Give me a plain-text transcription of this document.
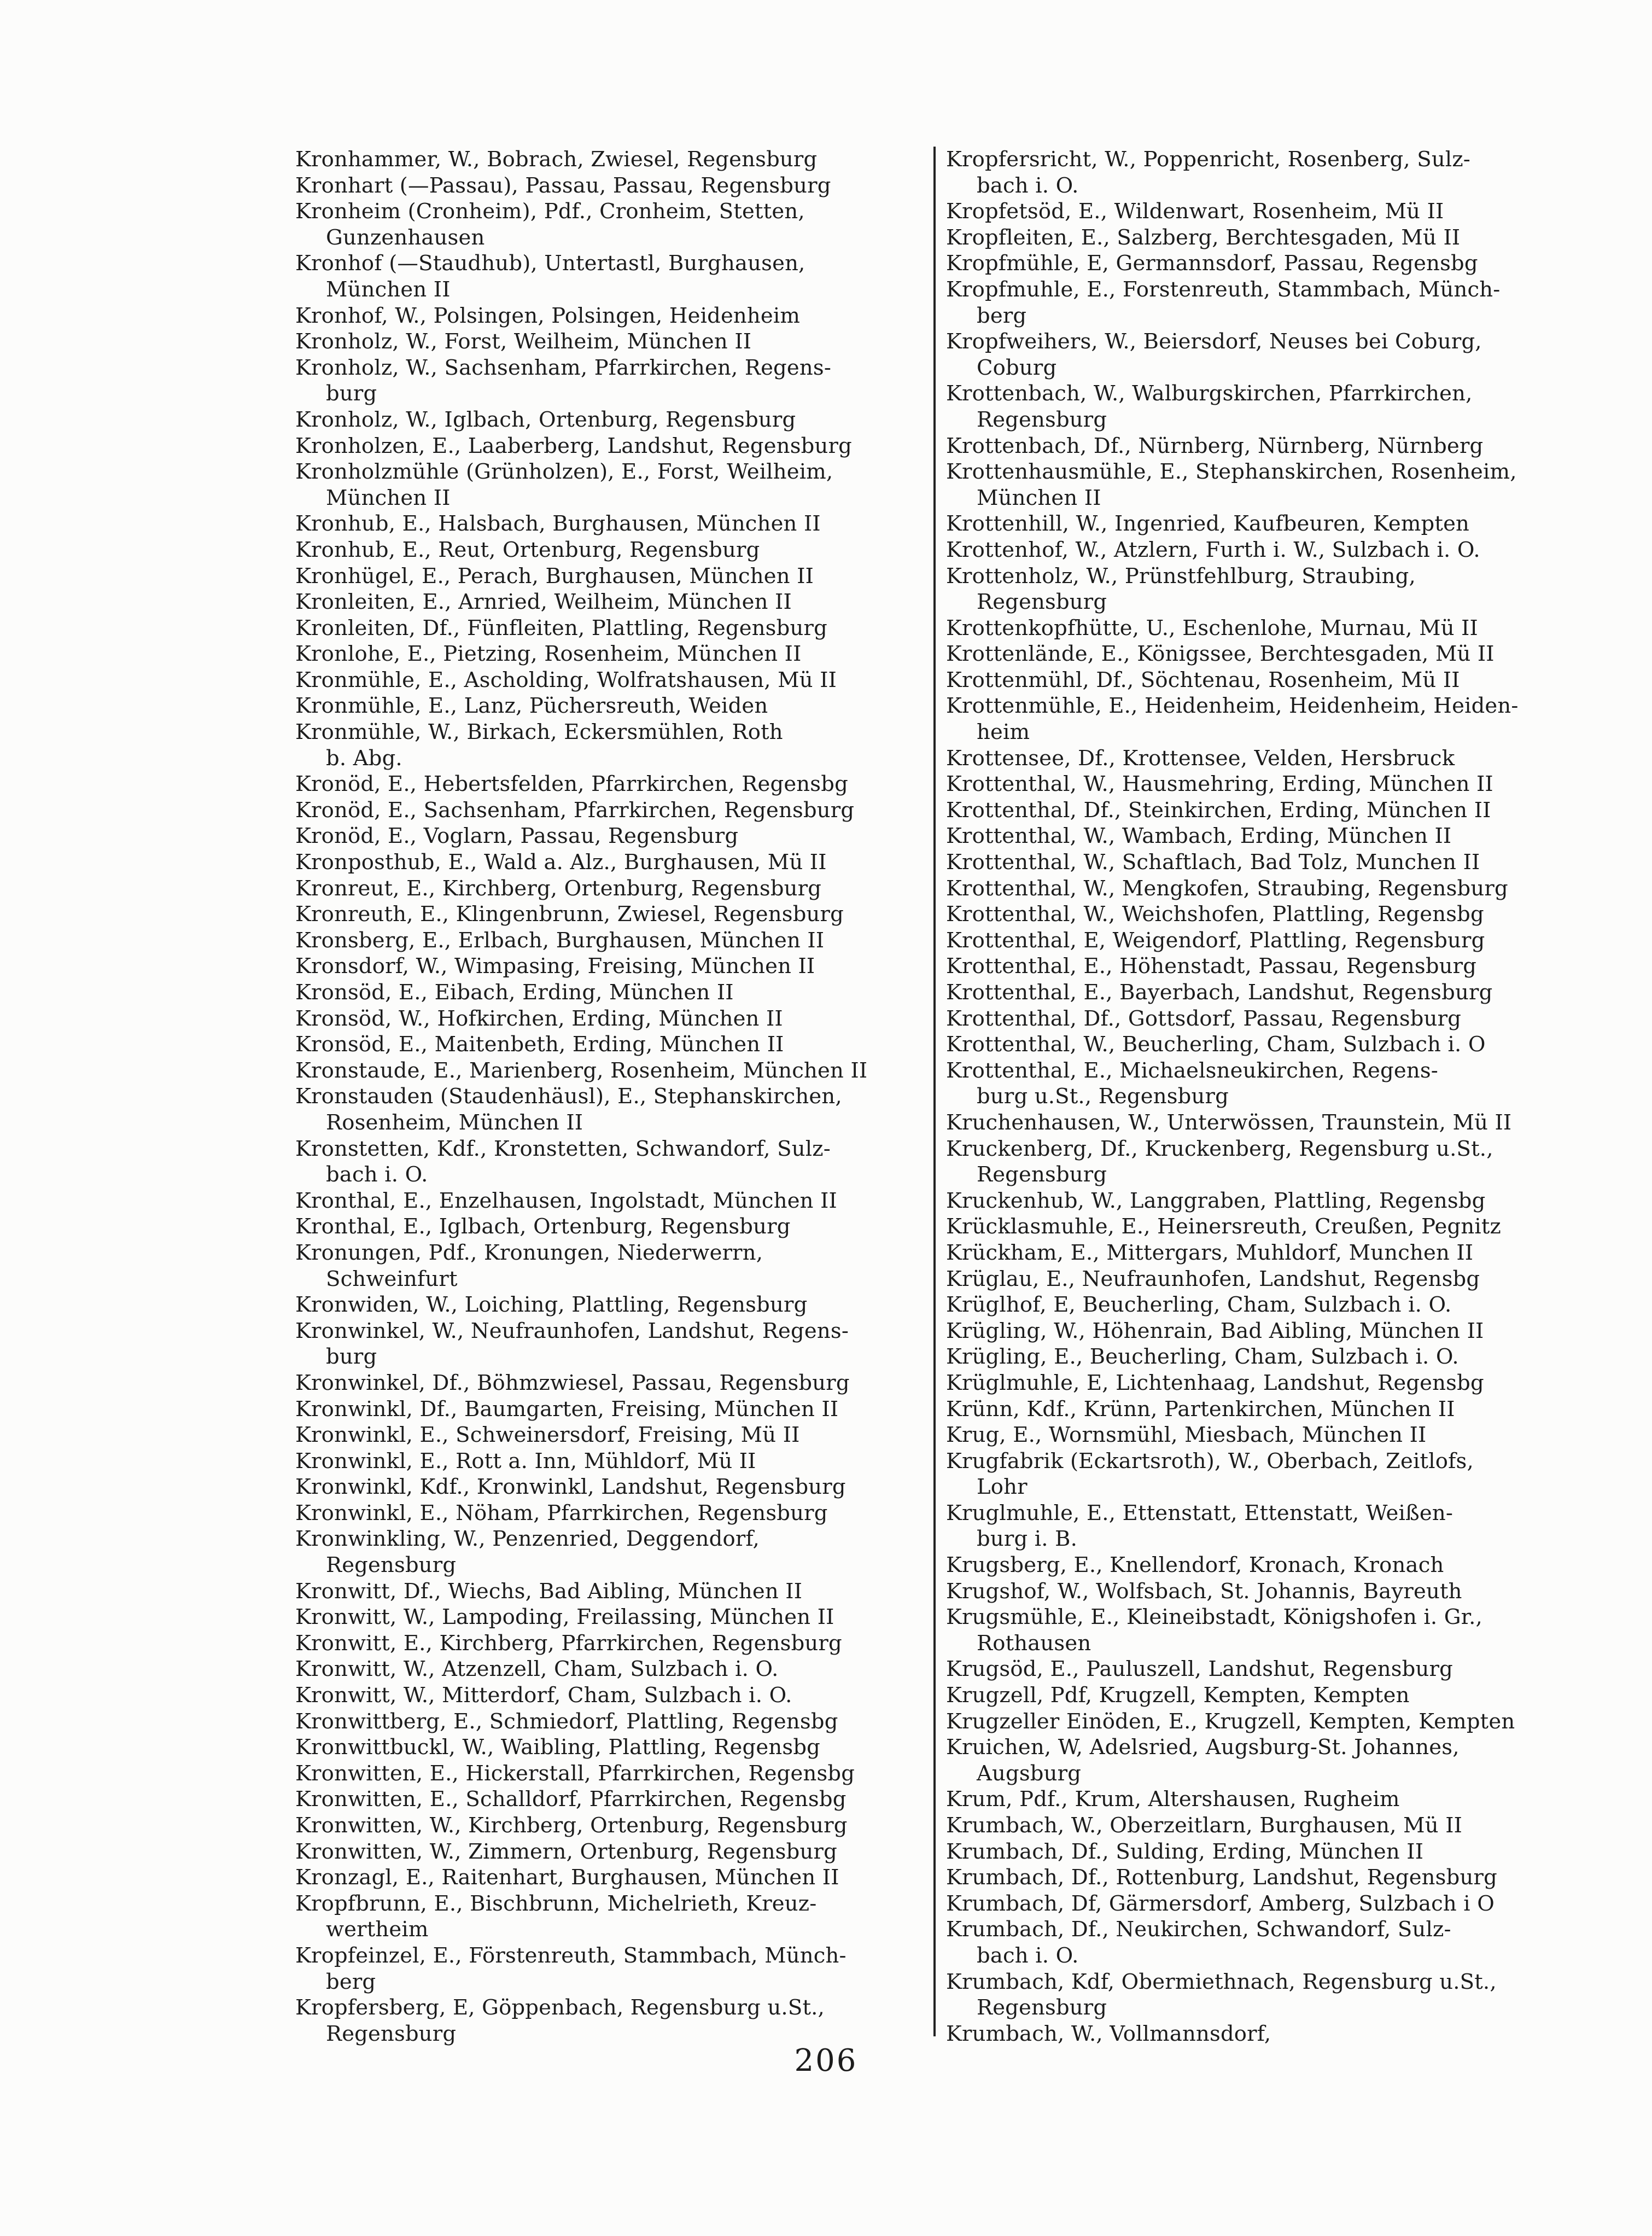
Kronhammer, W., Bobrach, Zwiesel, Regensburg
Kronhart (—Passau), Passau, Passau, Regensburg
Kronheim (Cronheim), Pdf., Cronheim, Stetten,
Gunzenhausen
Kronhof (—Staudhub), Untertastl, Burghausen,
München II
Kronhof, W., Polsingen, Polsingen, Heidenheim
Kronholz, W., Forst, Weilheim, München II
Kronholz, W., Sachsenham, Pfarrkirchen, Regens-
burg
Kronholz, W., Iglbach, Ortenburg, Regensburg
Kronholzen, E., Laaberberg, Landshut, Regensburg
Kronholzmühle (Grünholzen), E., Forst, Weilheim,
München II
Kronhub, E., Halsbach, Burghausen, München II
Kronhub, E., Reut, Ortenburg, Regensburg
Kronhügel, E., Perach, Burghausen, München II
Kronleiten, E., Arnried, Weilheim, München II
Kronleiten, Df., Fünfleiten, Plattling, Regensburg
Kronlohe, E., Pietzing, Rosenheim, München II
Kronmühle, E., Ascholding, Wolfratshausen, Mü II
Kronmühle, E., Lanz, Püchersreuth, Weiden
Kronmühle, W., Birkach, Eckersmühlen, Roth
b. Abg.
Kronöd, E., Hebertsfelden, Pfarrkirchen, Regensbg
Kronöd, E., Sachsenham, Pfarrkirchen, Regensburg
Kronöd, E., Voglarn, Passau, Regensburg
Kronposthub, E., Wald a. Alz., Burghausen, Mü II
Kronreut, E., Kirchberg, Ortenburg, Regensburg
Kronreuth, E., Klingenbrunn, Zwiesel, Regensburg
Kronsberg, E., Erlbach, Burghausen, München II
Kronsdorf, W., Wimpasing, Freising, München II
Kronsöd, E., Eibach, Erding, München II
Kronsöd, W., Hofkirchen, Erding, München II
Kronsöd, E., Maitenbeth, Erding, München II
Kronstaude, E., Marienberg, Rosenheim, München II
Kronstauden (Staudenhäusl), E., Stephanskirchen,
Rosenheim, München II
Kronstetten, Kdf., Kronstetten, Schwandorf, Sulz-
bach i. O.
Kronthal, E., Enzelhausen, Ingolstadt, München II
Kronthal, E., Iglbach, Ortenburg, Regensburg
Kronungen, Pdf., Kronungen, Niederwerrn,
Schweinfurt
Kronwiden, W., Loiching, Plattling, Regensburg
Kronwinkel, W., Neufraunhofen, Landshut, Regens-
burg
Kronwinkel, Df., Böhmzwiesel, Passau, Regensburg
Kronwinkl, Df., Baumgarten, Freising, München II
Kronwinkl, E., Schweinersdorf, Freising, Mü II
Kronwinkl, E., Rott a. Inn, Mühldorf, Mü II
Kronwinkl, Kdf., Kronwinkl, Landshut, Regensburg
Kronwinkl, E., Nöham, Pfarrkirchen, Regensburg
Kronwinkling, W., Penzenried, Deggendorf,
Regensburg
Kronwitt, Df., Wiechs, Bad Aibling, München II
Kronwitt, W., Lampoding, Freilassing, München II
Kronwitt, E., Kirchberg, Pfarrkirchen, Regensburg
Kronwitt, W., Atzenzell, Cham, Sulzbach i. O.
Kronwitt, W., Mitterdorf, Cham, Sulzbach i. O.
Kronwittberg, E., Schmiedorf, Plattling, Regensbg
Kronwittbuckl, W., Waibling, Plattling, Regensbg
Kronwitten, E., Hickerstall, Pfarrkirchen, Regensbg
Kronwitten, E., Schalldorf, Pfarrkirchen, Regensbg
Kronwitten, W., Kirchberg, Ortenburg, Regensburg
Kronwitten, W., Zimmern, Ortenburg, Regensburg
Kronzagl, E., Raitenhart, Burghausen, München II
Kropfbrunn, E., Bischbrunn, Michelrieth, Kreuz-
wertheim
Kropfeinzel, E., Förstenreuth, Stammbach, Münch-
berg
Kropfersberg, E, Göppenbach, Regensburg u.St.,
Regensburg
Kropfersricht, W., Poppenricht, Rosenberg, Sulz-
bach i. O.
Kropfetsöd, E., Wildenwart, Rosenheim, Mü II
Kropfleiten, E., Salzberg, Berchtesgaden, Mü II
Kropfmühle, E, Germannsdorf, Passau, Regensbg
Kropfmuhle, E., Forstenreuth, Stammbach, Münch-
berg
Kropfweihers, W., Beiersdorf, Neuses bei Coburg,
Coburg
Krottenbach, W., Walburgskirchen, Pfarrkirchen,
Regensburg
Krottenbach, Df., Nürnberg, Nürnberg, Nürnberg
Krottenhausmühle, E., Stephanskirchen, Rosenheim,
München II
Krottenhill, W., Ingenried, Kaufbeuren, Kempten
Krottenhof, W., Atzlern, Furth i. W., Sulzbach i. O.
Krottenholz, W., Prünstfehlburg, Straubing,
Regensburg
Krottenkopfhütte, U., Eschenlohe, Murnau, Mü II
Krottenlände, E., Königssee, Berchtesgaden, Mü II
Krottenmühl, Df., Söchtenau, Rosenheim, Mü II
Krottenmühle, E., Heidenheim, Heidenheim, Heiden-
heim
Krottensee, Df., Krottensee, Velden, Hersbruck
Krottenthal, W., Hausmehring, Erding, München II
Krottenthal, Df., Steinkirchen, Erding, München II
Krottenthal, W., Wambach, Erding, München II
Krottenthal, W., Schaftlach, Bad Tolz, Munchen II
Krottenthal, W., Mengkofen, Straubing, Regensburg
Krottenthal, W., Weichshofen, Plattling, Regensbg
Krottenthal, E, Weigendorf, Plattling, Regensburg
Krottenthal, E., Höhenstadt, Passau, Regensburg
Krottenthal, E., Bayerbach, Landshut, Regensburg
Krottenthal, Df., Gottsdorf, Passau, Regensburg
Krottenthal, W., Beucherling, Cham, Sulzbach i. O
Krottenthal, E., Michaelsneukirchen, Regens-
burg u.St., Regensburg
Kruchenhausen, W., Unterwössen, Traunstein, Mü II
Kruckenberg, Df., Kruckenberg, Regensburg u.St.,
Regensburg
Kruckenhub, W., Langgraben, Plattling, Regensbg
Krücklasmuhle, E., Heinersreuth, Creußen, Pegnitz
Krückham, E., Mittergars, Muhldorf, Munchen II
Krüglau, E., Neufraunhofen, Landshut, Regensbg
Krüglhof, E, Beucherling, Cham, Sulzbach i. O.
Krügling, W., Höhenrain, Bad Aibling, München II
Krügling, E., Beucherling, Cham, Sulzbach i. O.
Krüglmuhle, E, Lichtenhaag, Landshut, Regensbg
Krünn, Kdf., Krünn, Partenkirchen, München II
Krug, E., Wornsmühl, Miesbach, München II
Krugfabrik (Eckartsroth), W., Oberbach, Zeitlofs,
Lohr
Kruglmuhle, E., Ettenstatt, Ettenstatt, Weißen-
burg i. B.
Krugsberg, E., Knellendorf, Kronach, Kronach
Krugshof, W., Wolfsbach, St. Johannis, Bayreuth
Krugsmühle, E., Kleineibstadt, Königshofen i. Gr.,
Rothausen
Krugsöd, E., Pauluszell, Landshut, Regensburg
Krugzell, Pdf, Krugzell, Kempten, Kempten
Krugzeller Einöden, E., Krugzell, Kempten, Kempten
Kruichen, W, Adelsried, Augsburg-St. Johannes,
Augsburg
Krum, Pdf., Krum, Altershausen, Rugheim
Krumbach, W., Oberzeitlarn, Burghausen, Mü II
Krumbach, Df., Sulding, Erding, München II
Krumbach, Df., Rottenburg, Landshut, Regensburg
Krumbach, Df, Gärmersdorf, Amberg, Sulzbach i O
Krumbach, Df., Neukirchen, Schwandorf, Sulz-
bach i. O.
Krumbach, Kdf, Obermiethnach, Regensburg u.St.,
Regensburg
Krumbach, W., Vollmannsdorf,
206
